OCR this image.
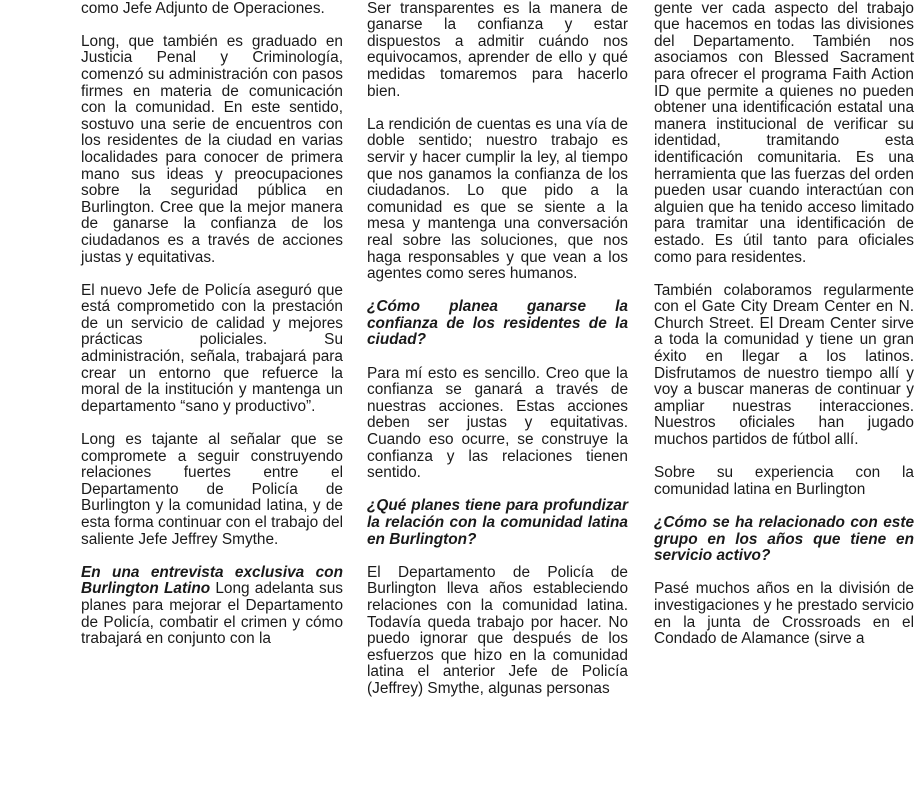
como Jefe Adjunto de Operaciones.

Long, que también es graduado en Justicia Penal y Criminología, comenzó su administración con pasos firmes en materia de comunicación con la comunidad. En este sentido, sostuvo una serie de encuentros con los residentes de la ciudad en varias localidades para conocer de primera mano sus ideas y preocupaciones sobre la seguridad pública en Burlington. Cree que la mejor manera de ganarse la confianza de los ciudadanos es a través de acciones justas y equitativas.

El nuevo Jefe de Policía aseguró que está comprometido con la prestación de un servicio de calidad y mejores prácticas policiales. Su administración, señala, trabajará para crear un entorno que refuerce la moral de la institución y mantenga un departamento “sano y productivo”.

Long es tajante al señalar que se compromete a seguir construyendo relaciones fuertes entre el Departamento de Policía de Burlington y la comunidad latina, y de esta forma continuar con el trabajo del saliente Jefe Jeffrey Smythe.

En una entrevista exclusiva con Burlington Latino Long adelanta sus planes para mejorar el Departamento de Policía, combatir el crimen y cómo trabajará en conjunto con la

Ser transparentes es la manera de ganarse la confianza y estar dispuestos a admitir cuándo nos equivocamos, aprender de ello y qué medidas tomaremos para hacerlo bien.

La rendición de cuentas es una vía de doble sentido; nuestro trabajo es servir y hacer cumplir la ley, al tiempo que nos ganamos la confianza de los ciudadanos. Lo que pido a la comunidad es que se siente a la mesa y mantenga una conversación real sobre las soluciones, que nos haga responsables y que vean a los agentes como seres humanos.

¿Cómo planea ganarse la confianza de los residentes de la ciudad?

Para mí esto es sencillo. Creo que la confianza se ganará a través de nuestras acciones. Estas acciones deben ser justas y equitativas. Cuando eso ocurre, se construye la confianza y las relaciones tienen sentido.

¿Qué planes tiene para profundizar la relación con la comunidad latina en Burlington?

El Departamento de Policía de Burlington lleva años estableciendo relaciones con la comunidad latina. Todavía queda trabajo por hacer. No puedo ignorar que después de los esfuerzos que hizo en la comunidad latina el anterior Jefe de Policía (Jeffrey) Smythe, algunas personas

gente ver cada aspecto del trabajo que hacemos en todas las divisiones del Departamento. También nos asociamos con Blessed Sacrament para ofrecer el programa Faith Action ID que permite a quienes no pueden obtener una identificación estatal una manera institucional de verificar su identidad, tramitando esta identificación comunitaria. Es una herramienta que las fuerzas del orden pueden usar cuando interactúan con alguien que ha tenido acceso limitado para tramitar una identificación de estado. Es útil tanto para oficiales como para residentes.

También colaboramos regularmente con el Gate City Dream Center en N. Church Street. El Dream Center sirve a toda la comunidad y tiene un gran éxito en llegar a los latinos. Disfrutamos de nuestro tiempo allí y voy a buscar maneras de continuar y ampliar nuestras interacciones. Nuestros oficiales han jugado muchos partidos de fútbol allí.

Sobre su experiencia con la comunidad latina en Burlington

¿Cómo se ha relacionado con este grupo en los años que tiene en servicio activo?

Pasé muchos años en la división de investigaciones y he prestado servicio en la junta de Crossroads en el Condado de Alamance (sirve a
